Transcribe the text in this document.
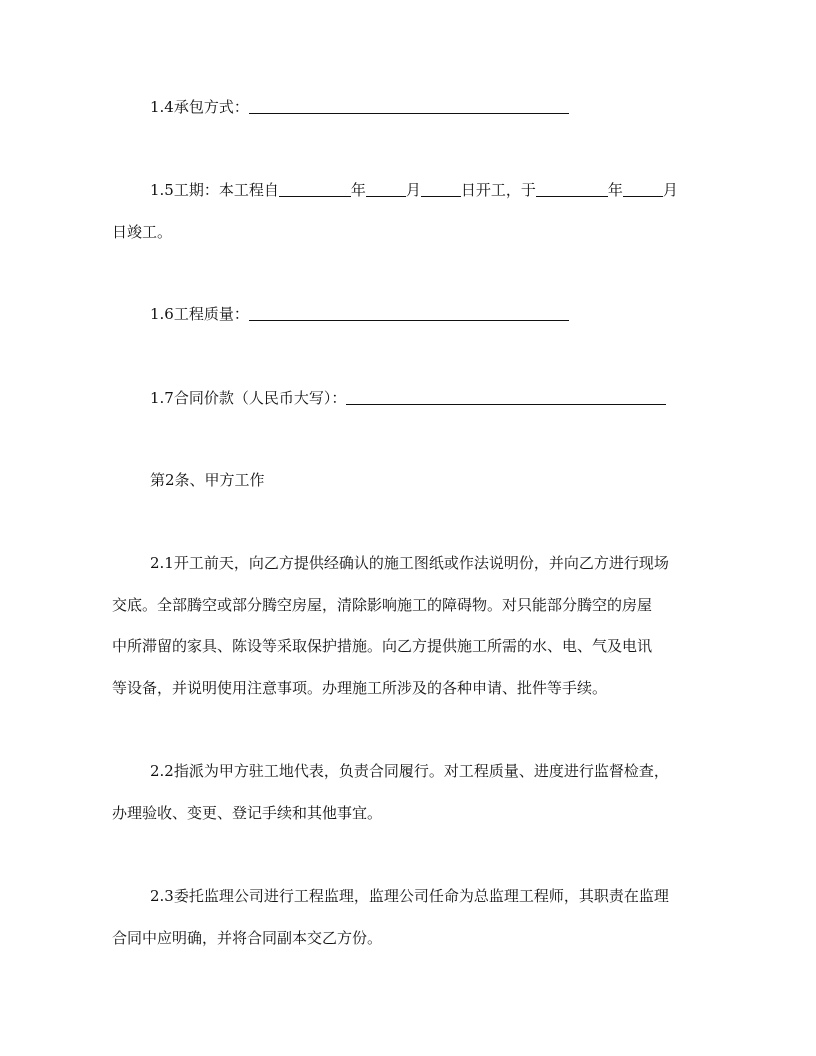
1.4承包方式：
1.5工期：本工程自	年	月	日开工，于	年	月
日竣工。
1.6工程质量：
1.7合同价款（人民币大写）：
第2条、甲方工作
2.1开工前天，向乙方提供经确认的施工图纸或作法说明份，并向乙方进行现场
交底。全部腾空或部分腾空房屋，清除影响施工的障碍物。对只能部分腾空的房屋
中所滞留的家具、陈设等采取保护措施。向乙方提供施工所需的水、电、气及电讯
等设备，并说明使用注意事项。办理施工所涉及的各种申请、批件等手续。
2.2指派为甲方驻工地代表，负责合同履行。对工程质量、进度进行监督检查，
办理验收、变更、登记手续和其他事宜。
2.3委托监理公司进行工程监理，监理公司任命为总监理工程师，其职责在监理
合同中应明确，并将合同副本交乙方份。
